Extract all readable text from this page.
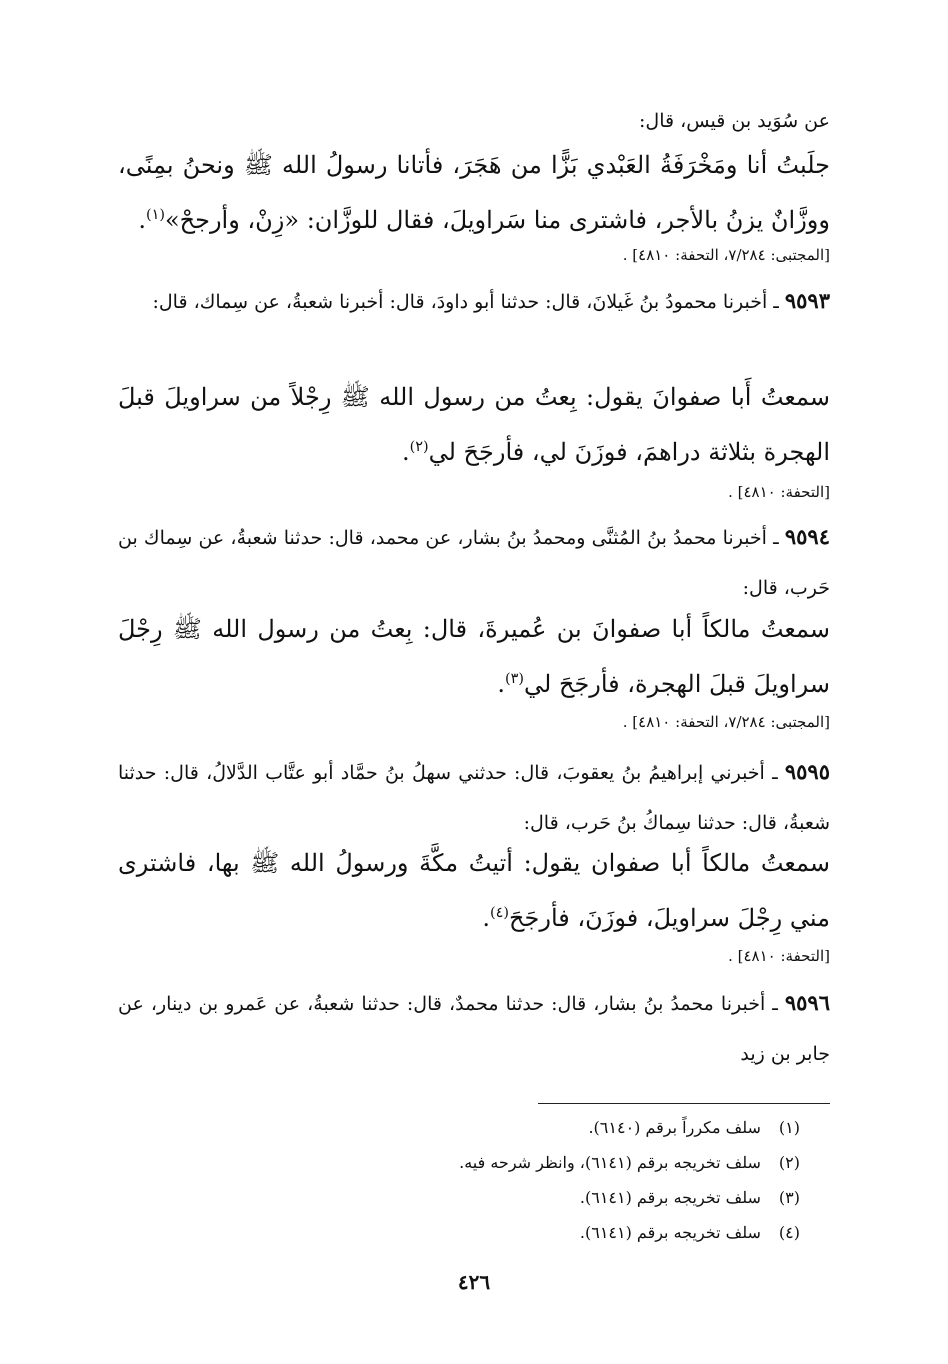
عن سُوَيد بن قيس، قال:

جلَبتُ أنا ومَخْرَفَةُ العَبْدي بَزًّا من هَجَرَ، فأتانا رسولُ الله ﷺ ونحنُ بمِنًى، ووزَّانٌ يزنُ بالأجر، فاشترى منا سَراويلَ، فقال للوزَّان: «زِنْ، وأرجحْ»$^{(١)}$.

[المجتبى: ٧/٢٨٤، التحفة: ٤٨١٠] .

٩٥٩٣ ـ أخبرنا محمودُ بنُ غَيلانَ، قال: حدثنا أبو داودَ، قال: أخبرنا شعبةُ، عن سِماك، قال:

سمعتُ أَبا صفوانَ يقول: بِعتُ من رسول الله ﷺ رِجْلاً من سراويلَ قبلَ الهجرة بثلاثة دراهمَ، فوزَنَ لي، فأرجَحَ لي$^{(٢)}$.

[التحفة: ٤٨١٠] .

٩٥٩٤ ـ أخبرنا محمدُ بنُ المُثنَّى ومحمدُ بنُ بشار، عن محمد، قال: حدثنا شعبةُ، عن سِماك بن حَرب، قال:

سمعتُ مالكاً أبا صفوانَ بن عُميرةَ، قال: بِعتُ من رسول الله ﷺ رِجْلَ سراويلَ قبلَ الهجرة، فأرجَحَ لي$^{(٣)}$.

[المجتبى: ٧/٢٨٤، التحفة: ٤٨١٠] .

٩٥٩٥ ـ أخبرني إبراهيمُ بنُ يعقوبَ، قال: حدثني سهلُ بنُ حمَّاد أبو عتَّاب الدَّلالُ، قال: حدثنا شعبةُ، قال: حدثنا سِماكُ بنُ حَرب، قال:

سمعتُ مالكاً أبا صفوان يقول: أتيتُ مكَّةَ ورسولُ الله ﷺ بها، فاشترى مني رِجْلَ سراويلَ، فوزَنَ، فأرجَحَ$^{(٤)}$.

[التحفة: ٤٨١٠] .

٩٥٩٦ ـ أخبرنا محمدُ بنُ بشار، قال: حدثنا محمدٌ، قال: حدثنا شعبةُ، عن عَمرو بن دينار، عن جابر بن زيد

(١) سلف مكرراً برقم (٦١٤٠).
(٢) سلف تخريجه برقم (٦١٤١)، وانظر شرحه فيه.
(٣) سلف تخريجه برقم (٦١٤١).
(٤) سلف تخريجه برقم (٦١٤١).
٤٢٦
